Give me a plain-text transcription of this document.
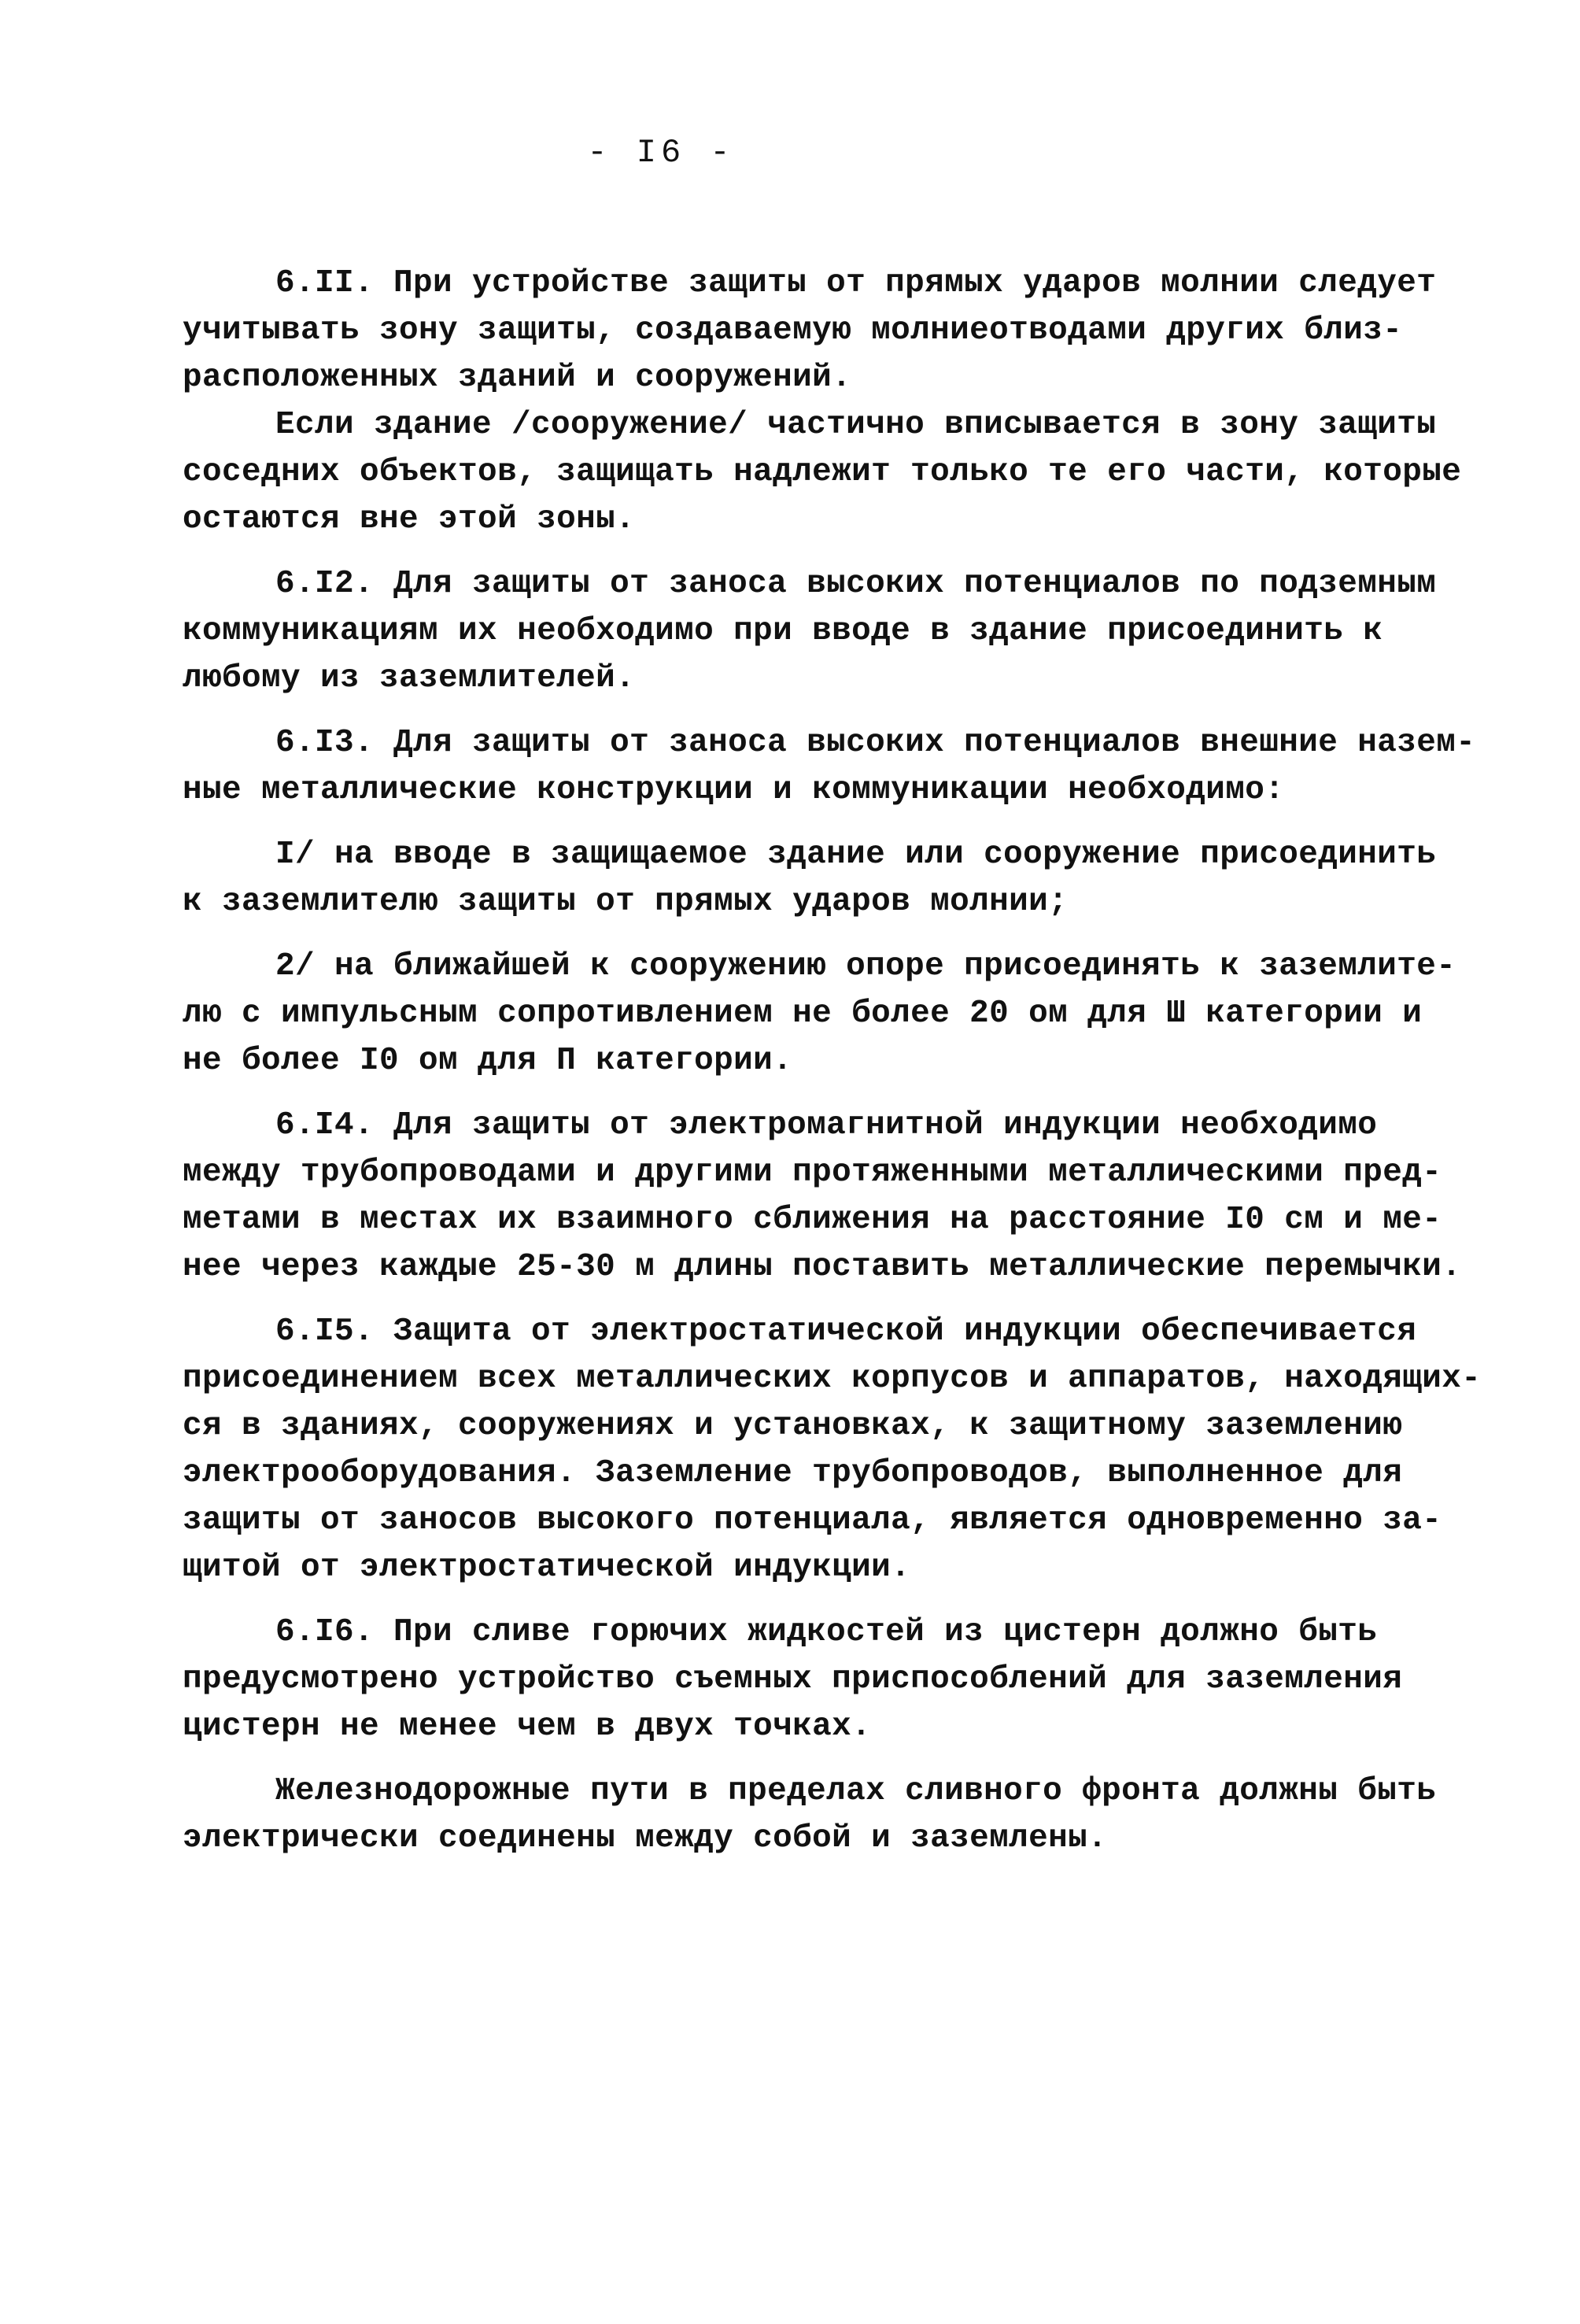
- I6 -

6.II. При устройстве защиты от прямых ударов молнии следует
учитывать зону защиты, создаваемую молниеотводами других близ-
расположенных зданий и сооружений.

Если здание /сооружение/ частично вписывается в зону защиты
соседних объектов, защищать надлежит только те его части, которые
остаются вне этой зоны.

6.I2. Для защиты от заноса высоких потенциалов по подземным
коммуникациям их необходимо при вводе в здание присоединить к
любому из заземлителей.

6.I3. Для защиты от заноса высоких потенциалов внешние назем-
ные металлические конструкции и коммуникации необходимо:

I/ на вводе в защищаемое здание или сооружение присоединить
к заземлителю защиты от прямых ударов молнии;

2/ на ближайшей к сооружению опоре присоединять к заземлите-
лю с импульсным сопротивлением не более 20 ом для Ш категории и
не более I0 ом для П категории.

6.I4. Для защиты от электромагнитной индукции необходимо
между трубопроводами и другими протяженными металлическими пред-
метами в местах их взаимного сближения на расстояние I0 см и ме-
нее через каждые 25-30 м длины поставить металлические перемычки.

6.I5. Защита от электростатической индукции обеспечивается
присоединением всех металлических корпусов и аппаратов, находящих-
ся в зданиях, сооружениях и установках, к защитному заземлению
электрооборудования. Заземление трубопроводов, выполненное для
защиты от заносов высокого потенциала, является одновременно за-
щитой от электростатической индукции.

6.I6. При сливе горючих жидкостей из цистерн должно быть
предусмотрено устройство съемных приспособлений для заземления
цистерн не менее чем в двух точках.

Железнодорожные пути в пределах сливного фронта должны быть
электрически соединены между собой и заземлены.
